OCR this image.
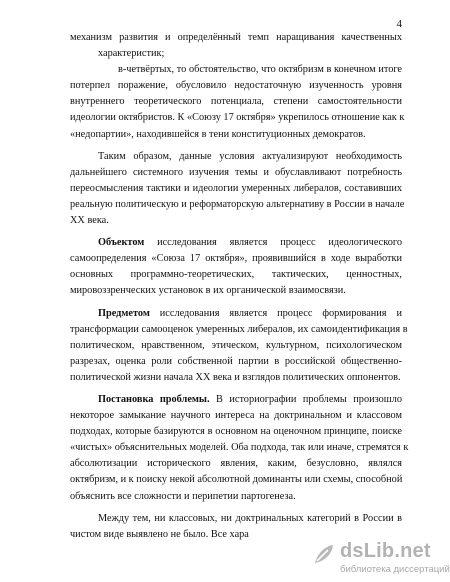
4
механизм развития и определённый темп наращивания качественных
характеристик;
в-четвёртых, то обстоятельство, что октябризм в конечном итоге
потерпел поражение, обусловило недостаточную изученность уровня
внутреннего теоретического потенциала, степени самостоятельности
идеологии октябристов. К «Союзу 17 октября» укрепилось отношение как к
«недопартии», находившейся в тени конституционных демократов.
Таким образом, данные условия актуализируют необходимость
дальнейшего системного изучения темы и обуславливают потребность
переосмысления тактики и идеологии умеренных либералов, составивших
реальную политическую и реформаторскую альтернативу в России в начале
XX века.
Объектом исследования является процесс идеологического
самоопределения «Союза 17 октября», проявившийся в ходе выработки
основных программно-теоретических, тактических, ценностных,
мировоззренческих установок в их органической взаимосвязи.
Предметом исследования является процесс формирования и
трансформации самооценок умеренных либералов, их самоидентификация в
политическом, нравственном, этическом, культурном, психологическом
разрезах, оценка роли собственной партии в российской общественно-
политической жизни начала XX века и взглядов политических оппонентов.
Постановка проблемы. В историографии проблемы произошло
некоторое замыкание научного интереса на доктринальном и классовом
подходах, которые базируются в основном на оценочном принципе, поиске
«чистых» объяснительных моделей. Оба подхода, так или иначе, стремятся к
абсолютизации исторического явления, каким, безусловно, являлся
октябризм, и к поиску некой абсолютной доминанты или схемы, способной
объяснить все сложности и перипетии партогенеза.
Между тем, ни классовых, ни доктринальных категорий в России в
чистом виде выявлено не было. Все хара
dsLib.net
библиотека диссертаций
